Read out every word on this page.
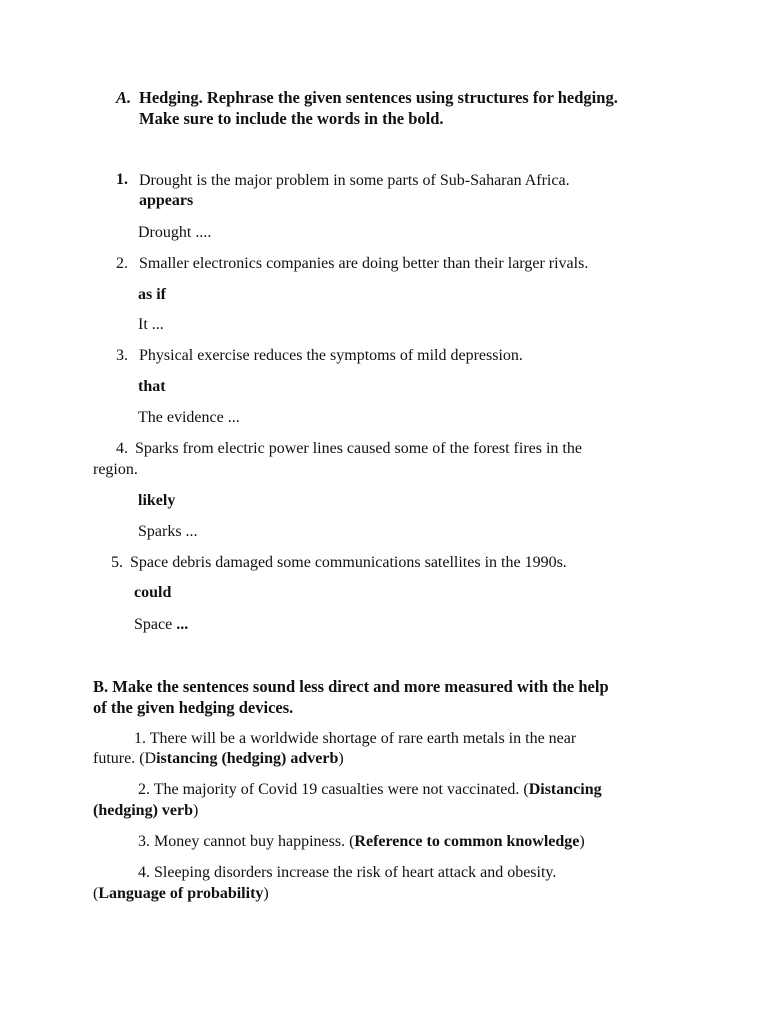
A. Hedging. Rephrase the given sentences using structures for hedging.
Make sure to include the words in the bold.
1. Drought is the major problem in some parts of Sub-Saharan Africa.
appears
Drought ....
2. Smaller electronics companies are doing better than their larger rivals.
as if
It ...
3. Physical exercise reduces the symptoms of mild depression.
that
The evidence ...
4. Sparks from electric power lines caused some of the forest fires in the
region.
likely
Sparks ...
5. Space debris damaged some communications satellites in the 1990s.
could
Space ...
B. Make the sentences sound less direct and more measured with the help
of the given hedging devices.
1. There will be a worldwide shortage of rare earth metals in the near
future. (Distancing (hedging) adverb)
2. The majority of Covid 19 casualties were not vaccinated. (Distancing
(hedging) verb)
3. Money cannot buy happiness. (Reference to common knowledge)
4. Sleeping disorders increase the risk of heart attack and obesity.
(Language of probability)
